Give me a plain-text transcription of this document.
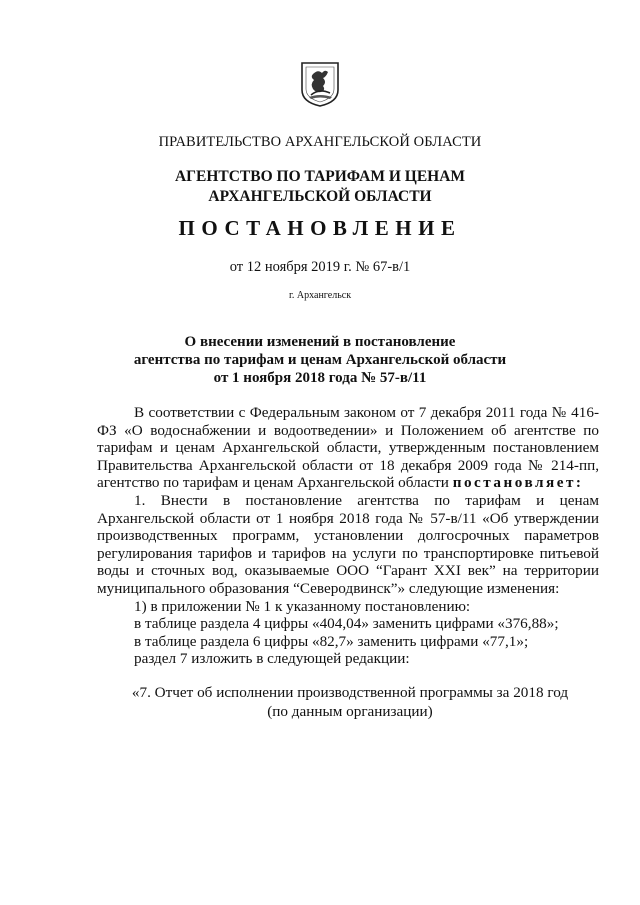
ПРАВИТЕЛЬСТВО АРХАНГЕЛЬСКОЙ ОБЛАСТИ
АГЕНТСТВО ПО ТАРИФАМ И ЦЕНАМ
АРХАНГЕЛЬСКОЙ ОБЛАСТИ
ПОСТАНОВЛЕНИЕ
от 12 ноября 2019 г. № 67-в/1
г. Архангельск
О внесении изменений в постановление
агентства по тарифам и ценам Архангельской области
от 1 ноября 2018 года № 57-в/11

В соответствии с Федеральным законом от 7 декабря 2011 года № 416-ФЗ «О водоснабжении и водоотведении» и Положением об агентстве по тарифам и ценам Архангельской области, утвержденным постановлением Правительства Архангельской области от 18 декабря 2009 года № 214-пп, агентство по тарифам и ценам Архангельской области постановляет:

1. Внести в постановление агентства по тарифам и ценам Архангельской области от 1 ноября 2018 года № 57-в/11 «Об утверждении производственных программ, установлении долгосрочных параметров регулирования тарифов и тарифов на услуги по транспортировке питьевой воды и сточных вод, оказываемые ООО “Гарант XXI век” на территории муниципального образования “Северодвинск”» следующие изменения:

1) в приложении № 1 к указанному постановлению:

в таблице раздела 4 цифры «404,04» заменить цифрами «376,88»;

в таблице раздела 6 цифры «82,7» заменить цифрами «77,1»;

раздел 7 изложить в следующей редакции:

«7. Отчет об исполнении производственной программы за 2018 год
(по данным организации)
